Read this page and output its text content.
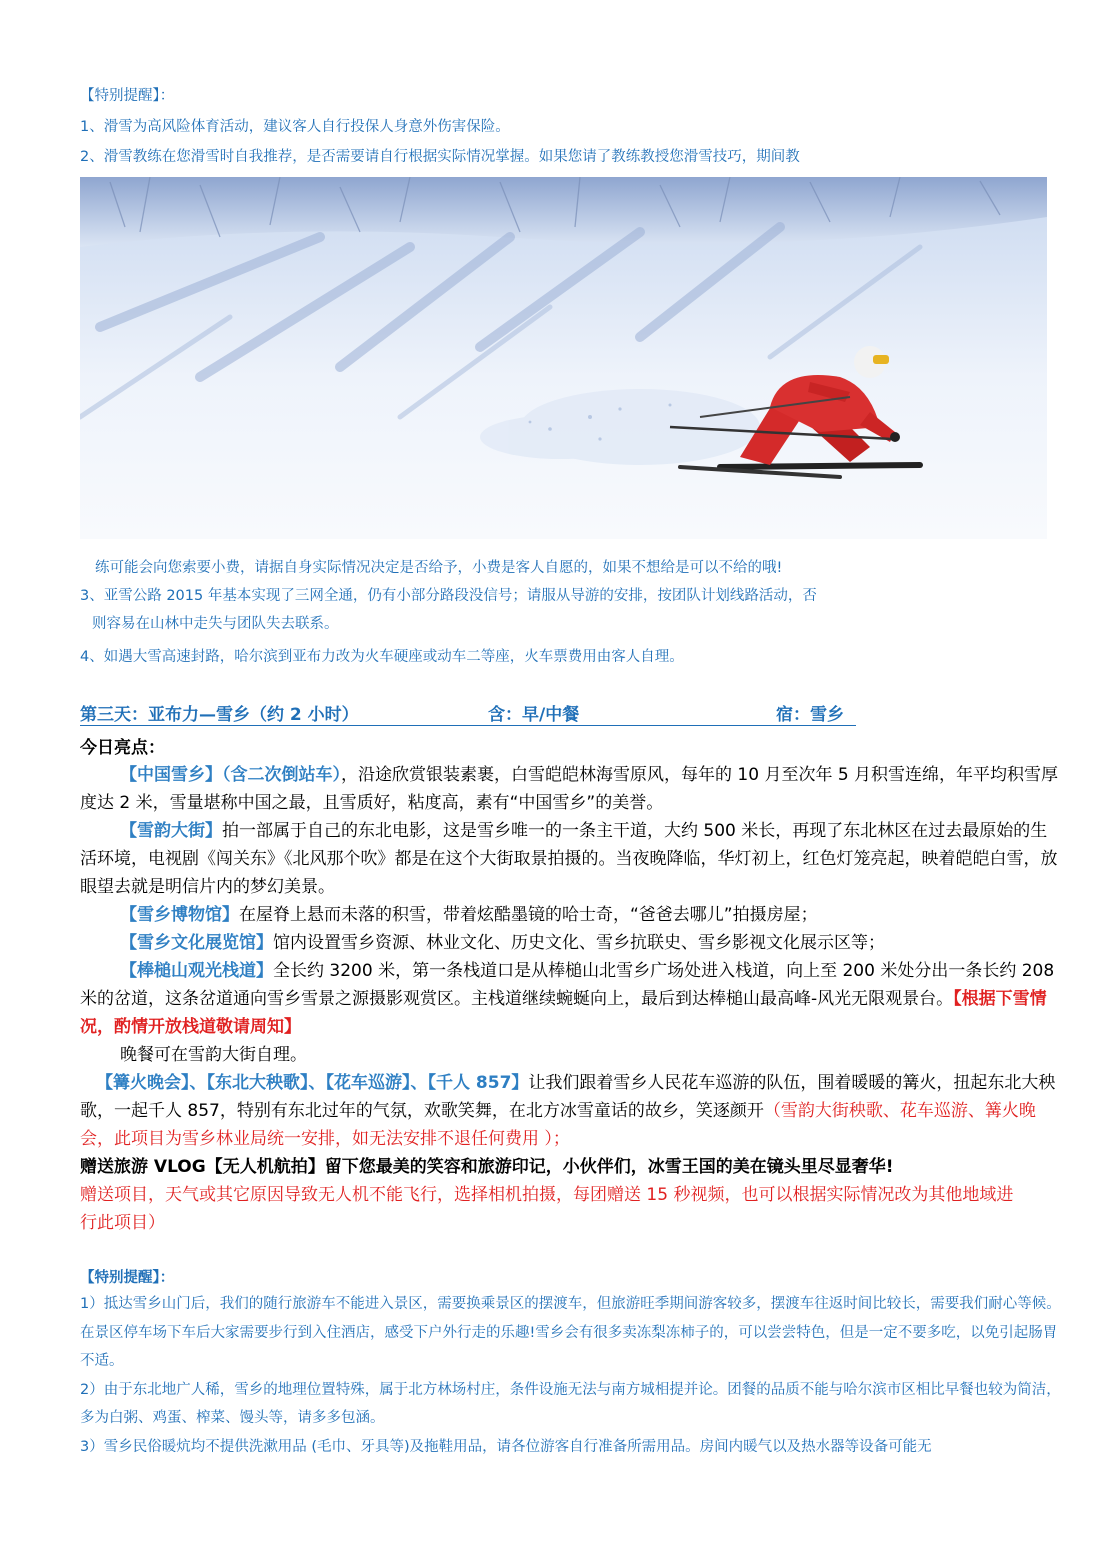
【特别提醒】：
1、滑雪为高风险体育活动，建议客人自行投保人身意外伤害保险。
2、滑雪教练在您滑雪时自我推荐，是否需要请自行根据实际情况掌握。如果您请了教练教授您滑雪技巧，期间教
练可能会向您索要小费，请据自身实际情况决定是否给予，小费是客人自愿的，如果不想给是可以不给的哦!
3、亚雪公路 2015 年基本实现了三网全通，仍有小部分路段没信号；请服从导游的安排，按团队计划线路活动，否
则容易在山林中走失与团队失去联系。
4、如遇大雪高速封路，哈尔滨到亚布力改为火车硬座或动车二等座，火车票费用由客人自理。
第三天：亚布力—雪乡（约 2 小时）	含：早/中餐	宿：雪乡
今日亮点：

【中国雪乡】（含二次倒站车），沿途欣赏银装素裹，白雪皑皑林海雪原风，每年的 10 月至次年 5 月积雪连绵，年平均积雪厚度达 2 米，雪量堪称中国之最，且雪质好，粘度高，素有“中国雪乡”的美誉。

【雪韵大街】拍一部属于自己的东北电影，这是雪乡唯一的一条主干道，大约 500 米长，再现了东北林区在过去最原始的生活环境，电视剧《闯关东》《北风那个吹》都是在这个大街取景拍摄的。当夜晚降临，华灯初上，红色灯笼亮起，映着皑皑白雪，放眼望去就是明信片内的梦幻美景。

【雪乡博物馆】在屋脊上悬而未落的积雪，带着炫酷墨镜的哈士奇，“爸爸去哪儿”拍摄房屋；

【雪乡文化展览馆】馆内设置雪乡资源、林业文化、历史文化、雪乡抗联史、雪乡影视文化展示区等；

【棒槌山观光栈道】全长约 3200 米，第一条栈道口是从棒槌山北雪乡广场处进入栈道，向上至 200 米处分出一条长约 208 米的岔道，这条岔道通向雪乡雪景之源摄影观赏区。主栈道继续蜿蜒向上，最后到达棒槌山最高峰-风光无限观景台。【根据下雪情况，酌情开放栈道敬请周知】

晚餐可在雪韵大街自理。

【篝火晚会】、【东北大秧歌】、【花车巡游】、【千人 857】让我们跟着雪乡人民花车巡游的队伍，围着暖暖的篝火，扭起东北大秧歌，一起千人 857，特别有东北过年的气氛，欢歌笑舞，在北方冰雪童话的故乡，笑逐颜开（雪韵大街秧歌、花车巡游、篝火晚会，此项目为雪乡林业局统一安排，如无法安排不退任何费用 ）；

赠送旅游 VLOG【无人机航拍】留下您最美的笑容和旅游印记，小伙伴们，冰雪王国的美在镜头里尽显奢华!

赠送项目，天气或其它原因导致无人机不能飞行，选择相机拍摄，每团赠送 15 秒视频，也可以根据实际情况改为其他地域进行此项目）

【特别提醒】：

1）抵达雪乡山门后，我们的随行旅游车不能进入景区，需要换乘景区的摆渡车，但旅游旺季期间游客较多，摆渡车往返时间比较长，需要我们耐心等候。在景区停车场下车后大家需要步行到入住酒店，感受下户外行走的乐趣!雪乡会有很多卖冻梨冻柿子的，可以尝尝特色，但是一定不要多吃，以免引起肠胃不适。

2）由于东北地广人稀，雪乡的地理位置特殊，属于北方林场村庄，条件设施无法与南方城相提并论。团餐的品质不能与哈尔滨市区相比早餐也较为简洁，多为白粥、鸡蛋、榨菜、馒头等，请多多包涵。

3）雪乡民俗暖炕均不提供洗漱用品 (毛巾、牙具等)及拖鞋用品，请各位游客自行准备所需用品。房间内暖气以及热水器等设备可能无
